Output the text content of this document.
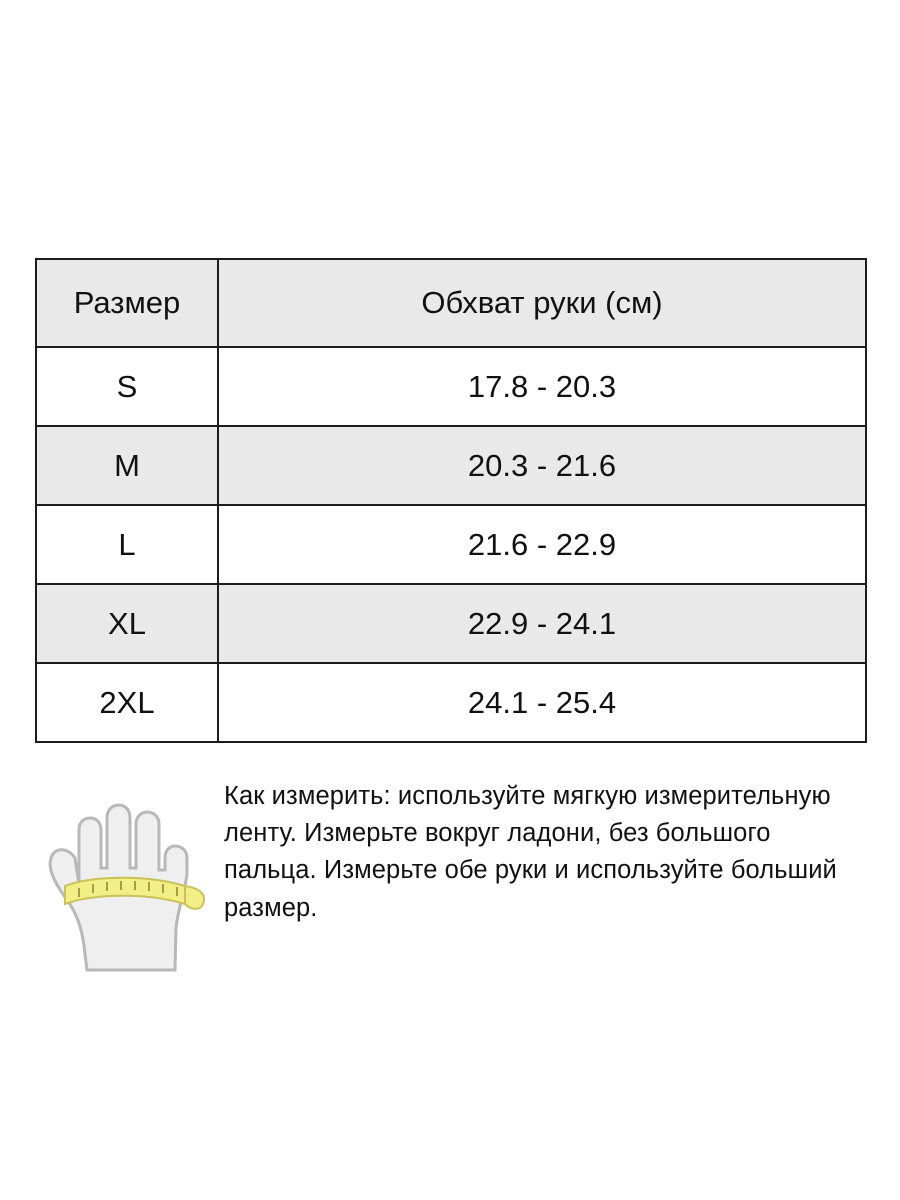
Размер	Обхват руки (см)
S	17.8 - 20.3
M	20.3 - 21.6
L	21.6 - 22.9
XL	22.9 - 24.1
2XL	24.1 - 25.4
Как измерить: используйте мягкую измерительную ленту. Измерьте вокруг ладони, без большого пальца. Измерьте обе руки и используйте больший размер.
